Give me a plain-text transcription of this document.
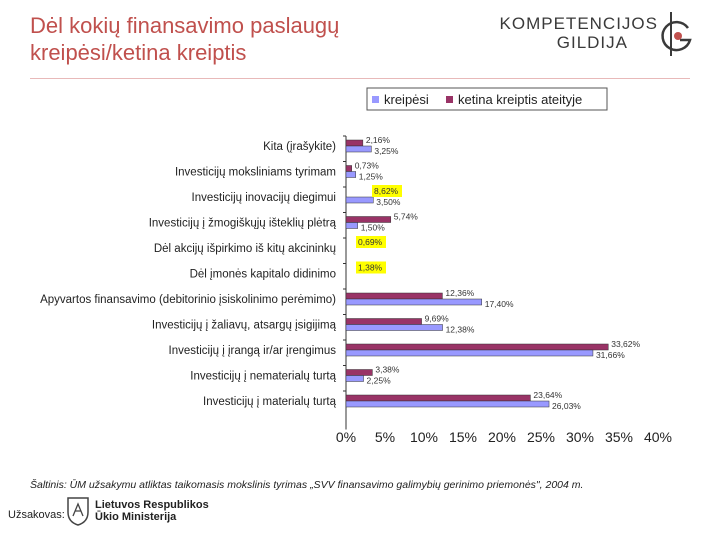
Dėl kokių finansavimo paslaugų
kreipėsi/ketina kreiptis
KOMPETENCIJOS
GILDIJA
kreipėsi ketina kreiptis ateityje
Kita (įrašykite)
2,16%
3,25%
Investicijų moksliniams tyrimam
0,73%
1,25%
Investicijų inovacijų diegimui	3,50%
Investicijų į žmogiškųjų išteklių plėtrą
5,74%
1,50%
Dėl akcijų išpirkimo iš kitų akcininkų
Dėl įmonės kapitalo didinimo
Apyvartos finansavimo (debitorinio įsiskolinimo perėmimo)
12,36%
17,40%
Investicijų į žaliavų, atsargų įsigijimą
9,69%
12,38%
Investicijų į įrangą ir/ar įrengimus
33,62%
31,66%
Investicijų į nematerialų turtą
3,38%
2,25%
Investicijų į materialų turtą
23,64%
26,03%
8,62%
0,69%
1,38%
0% 5% 10% 15% 20% 25% 30% 35% 40%
Šaltinis: ŪM užsakymu atliktas taikomasis mokslinis tyrimas „SVV finansavimo galimybių gerinimo priemonės", 2004 m.
Užsakovas:
Lietuvos Respublikos
Ūkio Ministerija
